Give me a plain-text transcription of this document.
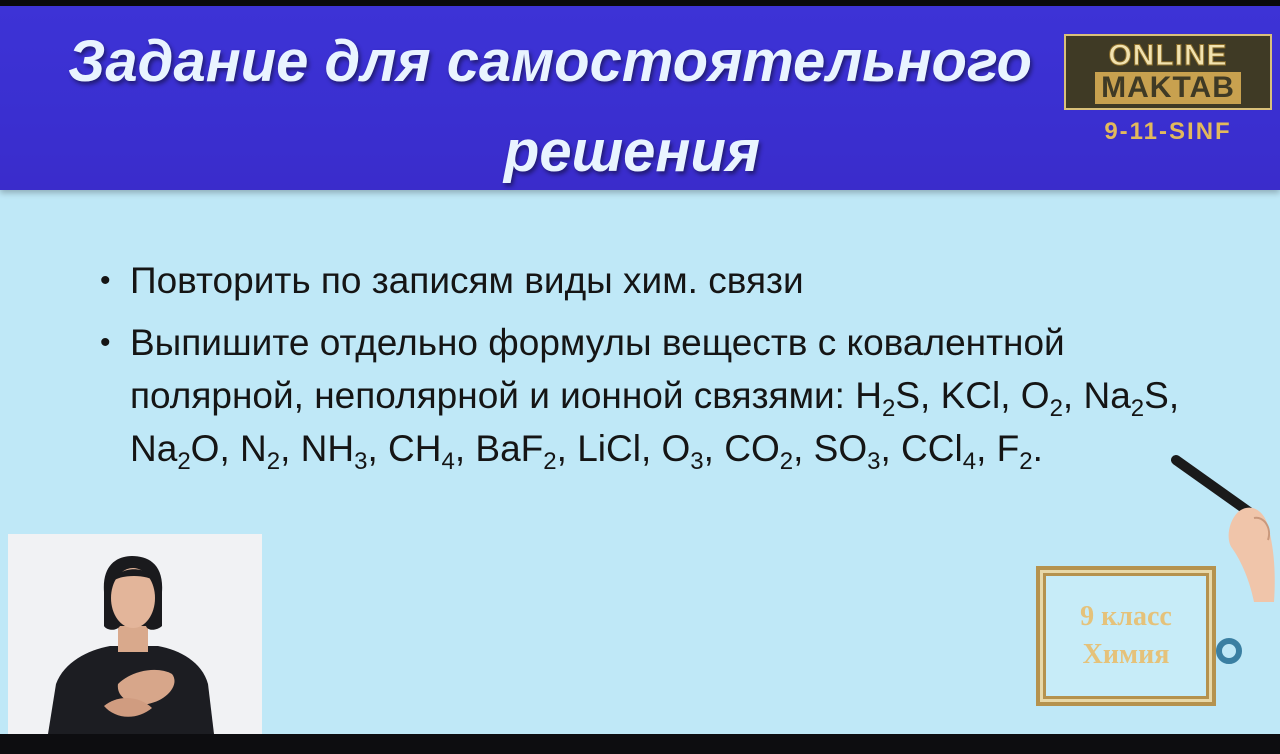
Задание для самостоятельного
решения
ONLINE
MAKTAB
9-11-SINF
• Повторить по записям виды хим. связи
• Выпишите отдельно формулы веществ с ковалентной полярной, неполярной и ионной связями: $H_2S$, KCl, $O_2$, $Na_2S$, $Na_2O$, $N_2$, $NH_3$, $CH_4$, BaF$_2$, LiCl, $O_3$, $CO_2$, $SO_3$, CCl$_4$, $F_2$.
9 класс
Химия
